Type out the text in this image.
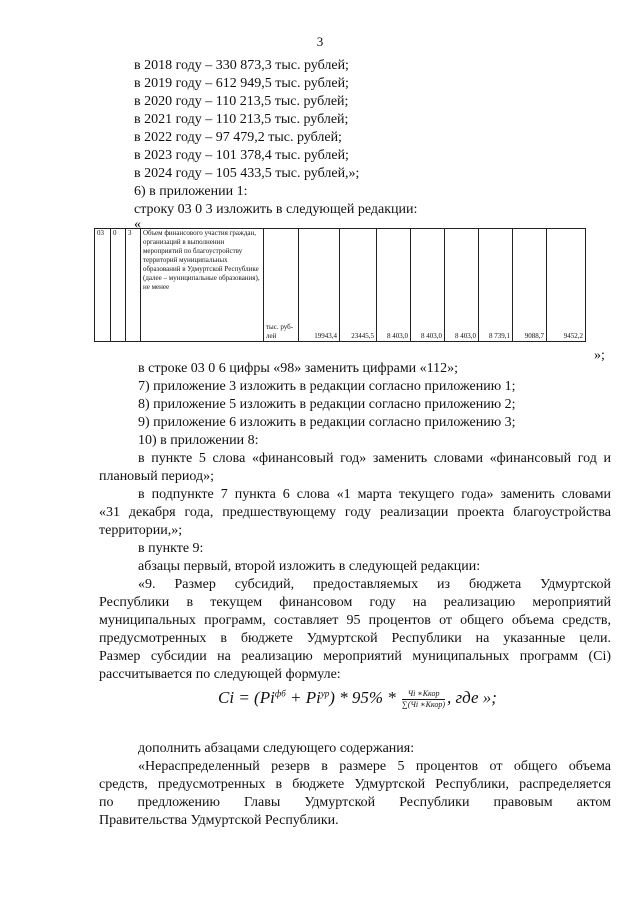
3
в 2018 году – 330 873,3 тыс. рублей;
в 2019 году – 612 949,5 тыс. рублей;
в 2020 году – 110 213,5 тыс. рублей;
в 2021 году – 110 213,5 тыс. рублей;
в 2022 году – 97 479,2 тыс. рублей;
в 2023 году – 101 378,4 тыс. рублей;
в 2024 году – 105 433,5 тыс. рублей,»;
6) в приложении 1:
строку 03 0 3 изложить в следующей редакции:
«
03	0	3	Объем финансового участия граждан, организаций в выполнении мероприятий по благоустройству территорий муниципальных образований в Удмуртской Республике (далее – муниципальные образования), не менее	тыс. руб- лей	19943,4	23445,5	8 403,0	8 403,0	8 403,0	8 739,1	9088,7	9452,2
»;
в строке 03 0 6 цифры «98» заменить цифрами «112»;
7) приложение 3 изложить в редакции согласно приложению 1;
8) приложение 5 изложить в редакции согласно приложению 2;
9) приложение 6 изложить в редакции согласно приложению 3;
10) в приложении 8:
в пункте 5 слова «финансовый год» заменить словами «финансовый год и
плановый период»;
в подпункте 7 пункта 6 слова «1 марта текущего года» заменить словами
«31 декабря года, предшествующему году реализации проекта благоустройства
территории,»;
в пункте 9:
абзацы первый, второй изложить в следующей редакции:
«9. Размер субсидий, предоставляемых из бюджета Удмуртской
Республики в текущем финансовом году на реализацию мероприятий
муниципальных программ, составляет 95 процентов от общего объема средств,
предусмотренных в бюджете Удмуртской Республики на указанные цели.
Размер субсидии на реализацию мероприятий муниципальных программ (Ci)
рассчитывается по следующей формуле:
$Ci = (Pi^{фб} + Pi^{ур}) * 95\% * \frac{\text{Чi ∗Ккор}}{\text{∑(Чi ∗Ккор)}}$ , где »;
дополнить абзацами следующего содержания:
«Нераспределенный резерв в размере 5 процентов от общего объема
средств, предусмотренных в бюджете Удмуртской Республики, распределяется
по предложению Главы Удмуртской Республики правовым актом
Правительства Удмуртской Республики.
